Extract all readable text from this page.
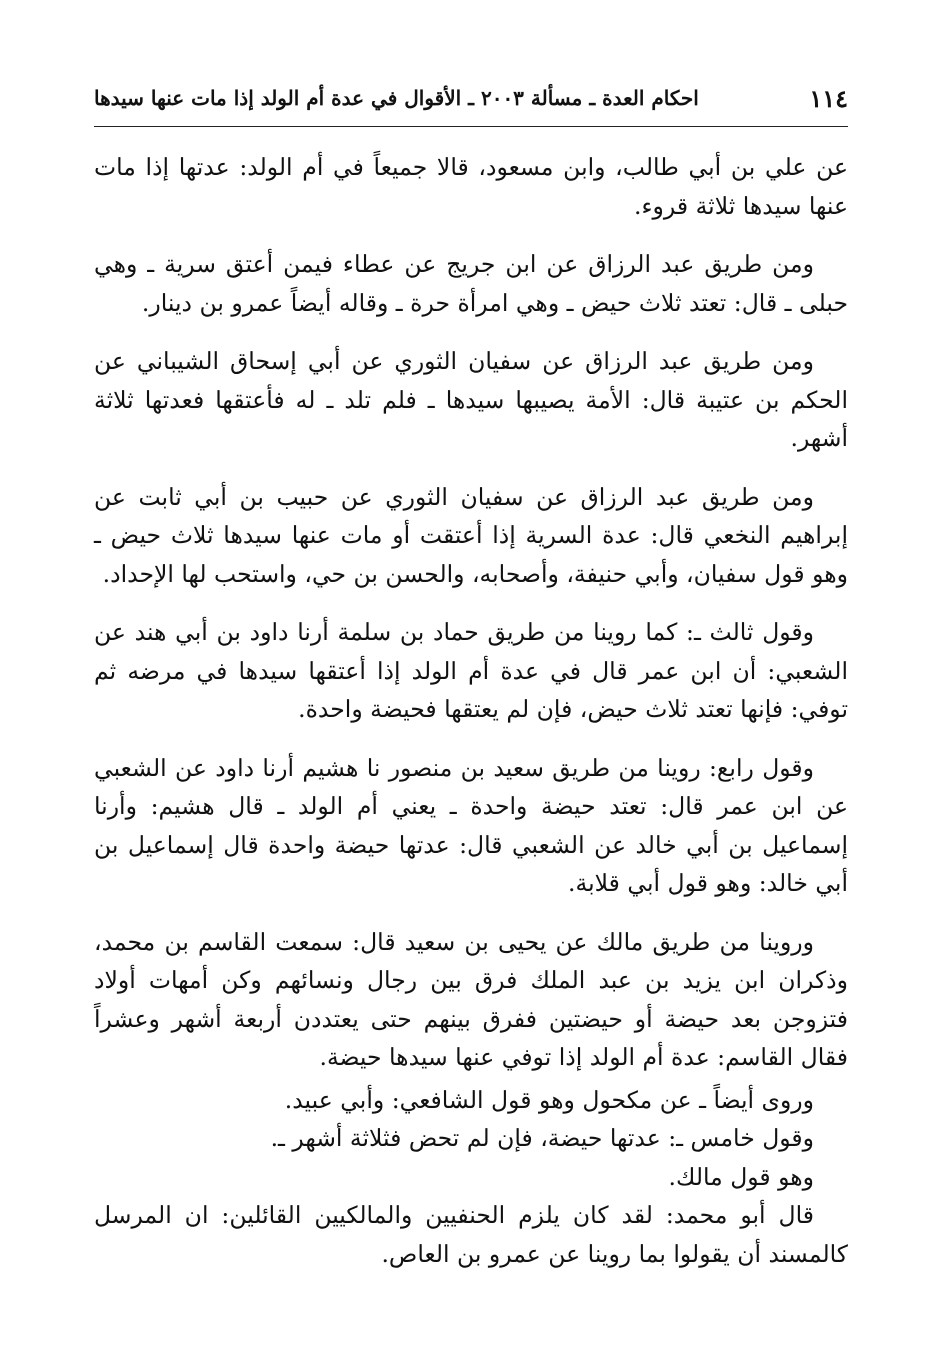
١١٤
احكام العدة ـ مسألة ٢٠٠٣ ـ الأقوال في عدة أم الولد إذا مات عنها سيدها

عن علي بن أبي طالب، وابن مسعود، قالا جميعاً في أم الولد: عدتها إذا مات عنها سيدها ثلاثة قروء.

ومن طريق عبد الرزاق عن ابن جريج عن عطاء فيمن أعتق سرية ـ وهي حبلى ـ قال: تعتد ثلاث حيض ـ وهي امرأة حرة ـ وقاله أيضاً عمرو بن دينار.

ومن طريق عبد الرزاق عن سفيان الثوري عن أبي إسحاق الشيباني عن الحكم بن عتيبة قال: الأمة يصيبها سيدها ـ فلم تلد ـ له فأعتقها فعدتها ثلاثة أشهر.

ومن طريق عبد الرزاق عن سفيان الثوري عن حبيب بن أبي ثابت عن إبراهيم النخعي قال: عدة السرية إذا أعتقت أو مات عنها سيدها ثلاث حيض ـ وهو قول سفيان، وأبي حنيفة، وأصحابه، والحسن بن حي، واستحب لها الإحداد.

وقول ثالث ـ: كما روينا من طريق حماد بن سلمة أرنا داود بن أبي هند عن الشعبي: أن ابن عمر قال في عدة أم الولد إذا أعتقها سيدها في مرضه ثم توفي: فإنها تعتد ثلاث حيض، فإن لم يعتقها فحيضة واحدة.

وقول رابع: روينا من طريق سعيد بن منصور نا هشيم أرنا داود عن الشعبي عن ابن عمر قال: تعتد حيضة واحدة ـ يعني أم الولد ـ قال هشيم: وأرنا إسماعيل بن أبي خالد عن الشعبي قال: عدتها حيضة واحدة قال إسماعيل بن أبي خالد: وهو قول أبي قلابة.

وروينا من طريق مالك عن يحيى بن سعيد قال: سمعت القاسم بن محمد، وذكران ابن يزيد بن عبد الملك فرق بين رجال ونسائهم وكن أمهات أولاد فتزوجن بعد حيضة أو حيضتين ففرق بينهم حتى يعتددن أربعة أشهر وعشراً فقال القاسم: عدة أم الولد إذا توفي عنها سيدها حيضة.

وروى أيضاً ـ عن مكحول وهو قول الشافعي: وأبي عبيد.

وقول خامس ـ: عدتها حيضة، فإن لم تحض فثلاثة أشهر ـ.

وهو قول مالك.

قال أبو محمد: لقد كان يلزم الحنفيين والمالكيين القائلين: ان المرسل كالمسند أن يقولوا بما روينا عن عمرو بن العاص.
